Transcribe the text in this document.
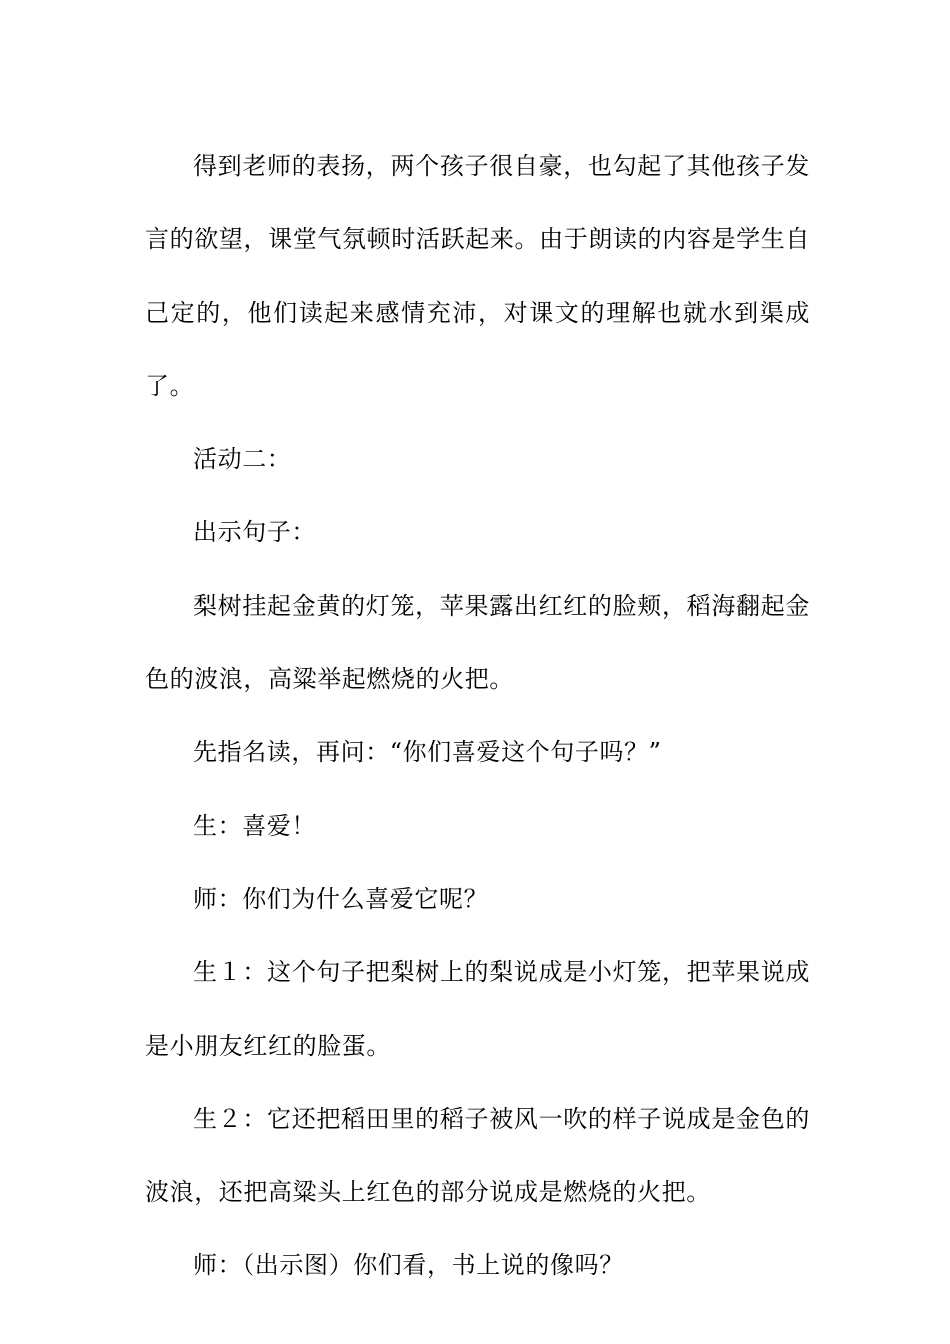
得到老师的表扬，两个孩子很自豪，也勾起了其他孩子发言的欲望，课堂气氛顿时活跃起来。由于朗读的内容是学生自己定的，他们读起来感情充沛，对课文的理解也就水到渠成了。

活动二：

出示句子：

梨树挂起金黄的灯笼，苹果露出红红的脸颊，稻海翻起金色的波浪，高粱举起燃烧的火把。

先指名读，再问：“你们喜爱这个句子吗？”

生：喜爱！

师：你们为什么喜爱它呢？

生１：这个句子把梨树上的梨说成是小灯笼，把苹果说成是小朋友红红的脸蛋。

生２：它还把稻田里的稻子被风一吹的样子说成是金色的波浪，还把高粱头上红色的部分说成是燃烧的火把。

师：（出示图）你们看，书上说的像吗？
